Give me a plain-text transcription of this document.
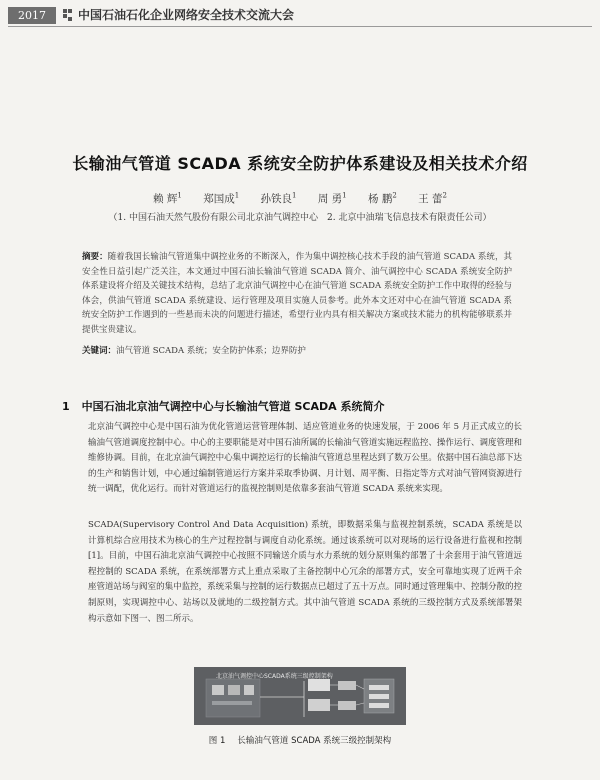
2017	中国石油石化企业网络安全技术交流大会
长输油气管道 SCADA 系统安全防护体系建设及相关技术介绍
赖 辉$^1$ 郑国成$^1$ 孙铁良$^1$ 周 勇$^1$ 杨 鹏$^2$ 王 蕾$^2$
（1. 中国石油天然气股份有限公司北京油气调控中心　2. 北京中油瑞飞信息技术有限责任公司）
摘要：随着我国长输油气管道集中调控业务的不断深入，作为集中调控核心技术手段的油气管道 SCADA 系统，其安全性日益引起广泛关注，本文通过中国石油长输油气管道 SCADA 简介、油气调控中心 SCADA 系统安全防护体系建设将介绍及关键技术结构，总结了北京油气调控中心在油气管道 SCADA 系统安全防护工作中取得的经验与体会，供油气管道 SCADA 系统建设、运行管理及项目实施人员参考。此外本文还对中心在油气管道 SCADA 系统安全防护工作遇到的一些悬而未决的问题进行描述，希望行业内具有相关解决方案或技术能力的机构能够联系并提供宝贵建议。
关键词：油气管道 SCADA 系统；安全防护体系；边界防护
1 中国石油北京油气调控中心与长输油气管道 SCADA 系统简介
北京油气调控中心是中国石油为优化管道运营管理体制、适应管道业务的快速发展，于 2006 年 5 月正式成立的长输油气管道调度控制中心。中心的主要职能是对中国石油所属的长输油气管道实施远程监控、操作运行、调度管理和维修协调。目前，在北京油气调控中心集中调控运行的长输油气管道总里程达到了数万公里。依据中国石油总部下达的生产和销售计划，中心通过编制管道运行方案并采取季协调、月计划、周平衡、日指定等方式对油气管网资源进行统一调配，优化运行。而针对管道运行的监视控制则是依靠多套油气管道 SCADA 系统来实现。
SCADA(Supervisory Control And Data Acquisition) 系统，即数据采集与监视控制系统，SCADA 系统是以计算机综合应用技术为核心的生产过程控制与调度自动化系统。通过该系统可以对现场的运行设备进行监视和控制[1]。目前，中国石油北京油气调控中心按照不同输送介质与水力系统的划分原则集约部署了十余套用于油气管道远程控制的 SCADA 系统，在系统部署方式上重点采取了主备控制中心冗余的部署方式，安全可靠地实现了近两千余座管道站场与阀室的集中监控，系统采集与控制的运行数据点已超过了五十万点。同时通过管理集中、控制分散的控制原则，实现调控中心、站场以及就地的二级控制方式。其中油气管道 SCADA 系统的三级控制方式及系统部署架构示意如下图一、图二所示。
北京油气调控中心SCADA系统三级控制架构
图 1 长输油气管道 SCADA 系统三级控制架构
